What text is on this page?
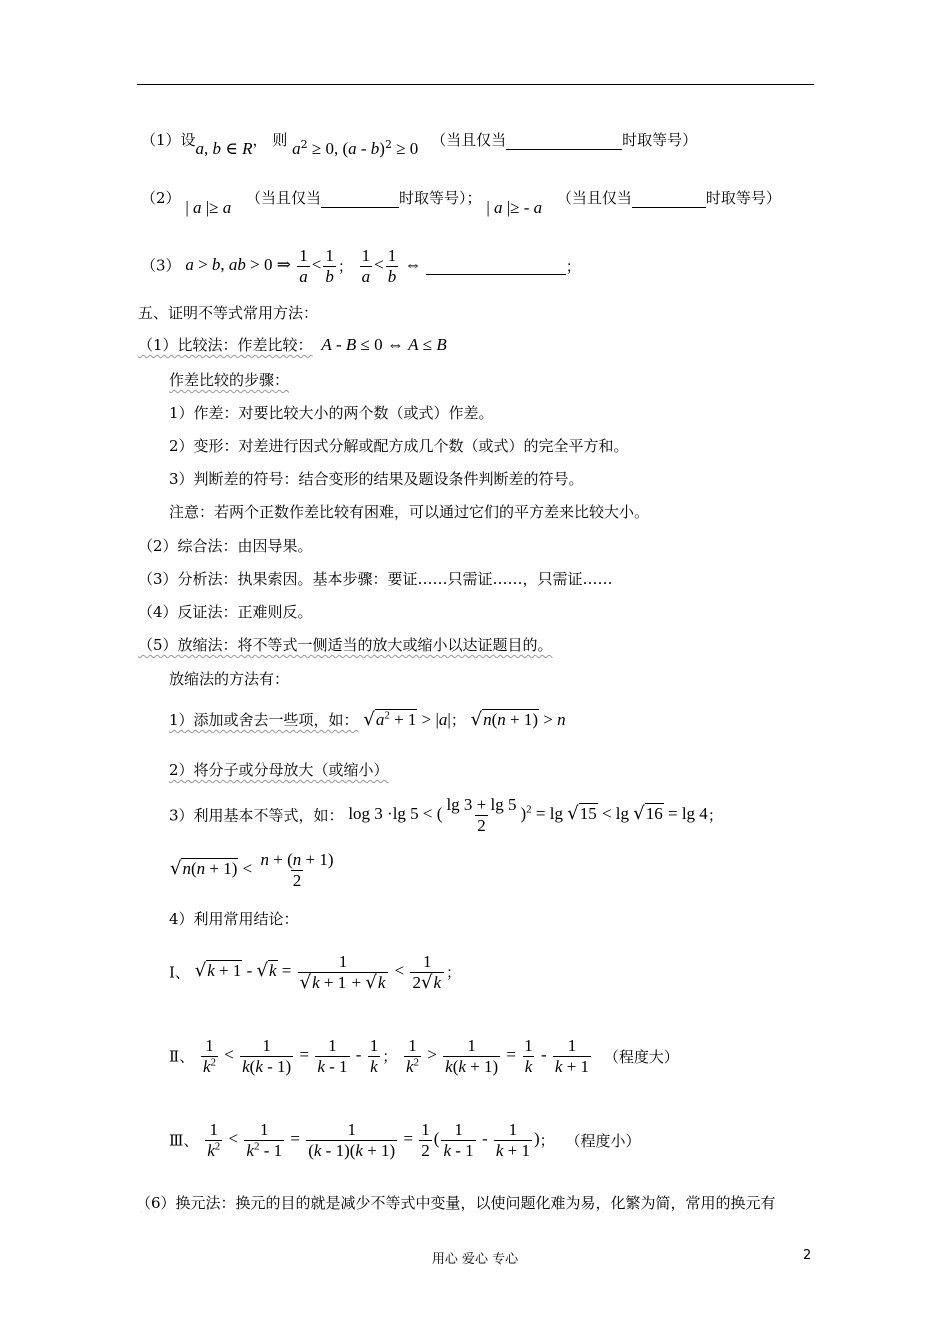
（1）设a, b ∈ R， 则 $a^2 \ge 0$, (a - b)$^2$ ≥ 0 （当且仅当	时取等号）
（2） | a |≥ a （当且仅当	时取等号）； | a |≥ - a （当且仅当	时取等号）
（3） a > b, ab > 0 ⇒ $\frac{1}{a} < \frac{1}{b}$ ； $\frac{1}{a} < \frac{1}{b}$ ⇔	；
五、证明不等式常用方法：
（1）比较法：作差比较： A - B ≤ 0 ⇔ A ≤ B
作差比较的步骤：
1）作差：对要比较大小的两个数（或式）作差。
2）变形：对差进行因式分解或配方成几个数（或式）的完全平方和。
3）判断差的符号：结合变形的结果及题设条件判断差的符号。
注意：若两个正数作差比较有困难，可以通过它们的平方差来比较大小。
（2）综合法：由因导果。
（3）分析法：执果索因。基本步骤：要证……只需证……，只需证……
（4）反证法：正难则反。
（5）放缩法：将不等式一侧适当的放大或缩小以达证题目的。
放缩法的方法有：
1）添加或舍去一些项，如： $√a^2 + 1 > |a|$； √n(n + 1) > n
2）将分子或分母放大（或缩小）
3）利用基本不等式，如： log 3 ·lg 5 < ( $\frac{\lg 3 + \lg 5}{2} )^2 = \lg √15 < \lg √16 = \lg 4$；
$√n(n + 1) < \frac{n + (n + 1)}{2}$
4）利用常用结论：
Ⅰ、 $√k + 1 - √k = \frac{1}{√k + 1 + √k} < \frac{1}{2√k}$ ；
Ⅱ、 $\frac{1}{k^2} < \frac{1}{k(k - 1)} = \frac{1}{k - 1} - \frac{1}{k}$ ； $\frac{1}{k^2} > \frac{1}{k(k + 1)} = \frac{1}{k} - \frac{1}{k + 1}$ （程度大）
Ⅲ、 $\frac{1}{k^2} < \frac{1}{k^2 - 1} = \frac{1}{(k - 1)(k + 1)} = \frac{1}{2}$ ( $\frac{1}{k - 1} - \frac{1}{k + 1}$ )； （程度小）
（6）换元法：换元的目的就是减少不等式中变量，以使问题化难为易，化繁为简，常用的换元有
用心 爱心 专心	2
